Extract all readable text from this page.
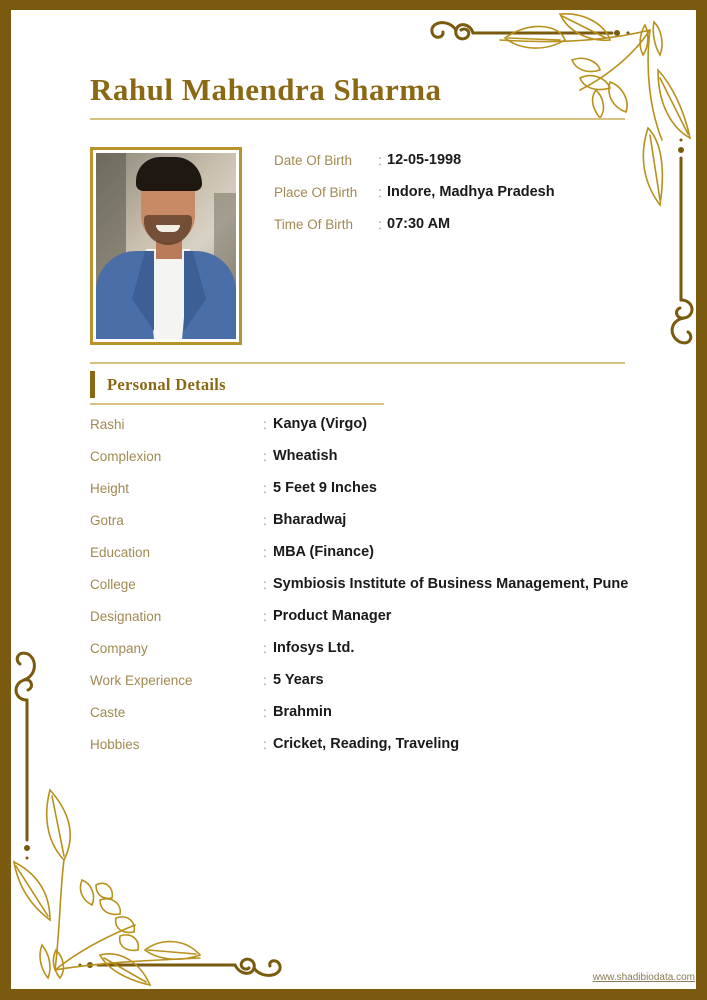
Rahul Mahendra Sharma
Date Of Birth : 12-05-1998
Place Of Birth : Indore, Madhya Pradesh
Time Of Birth : 07:30 AM
Personal Details
Rashi	: Kanya (Virgo)
Complexion	: Wheatish
Height	: 5 Feet 9 Inches
Gotra	: Bharadwaj
Education	: MBA (Finance)
College	: Symbiosis Institute of Business Management, Pune
Designation	: Product Manager
Company	: Infosys Ltd.
Work Experience	: 5 Years
Caste	: Brahmin
Hobbies	: Cricket, Reading, Traveling
www.shadibiodata.com
